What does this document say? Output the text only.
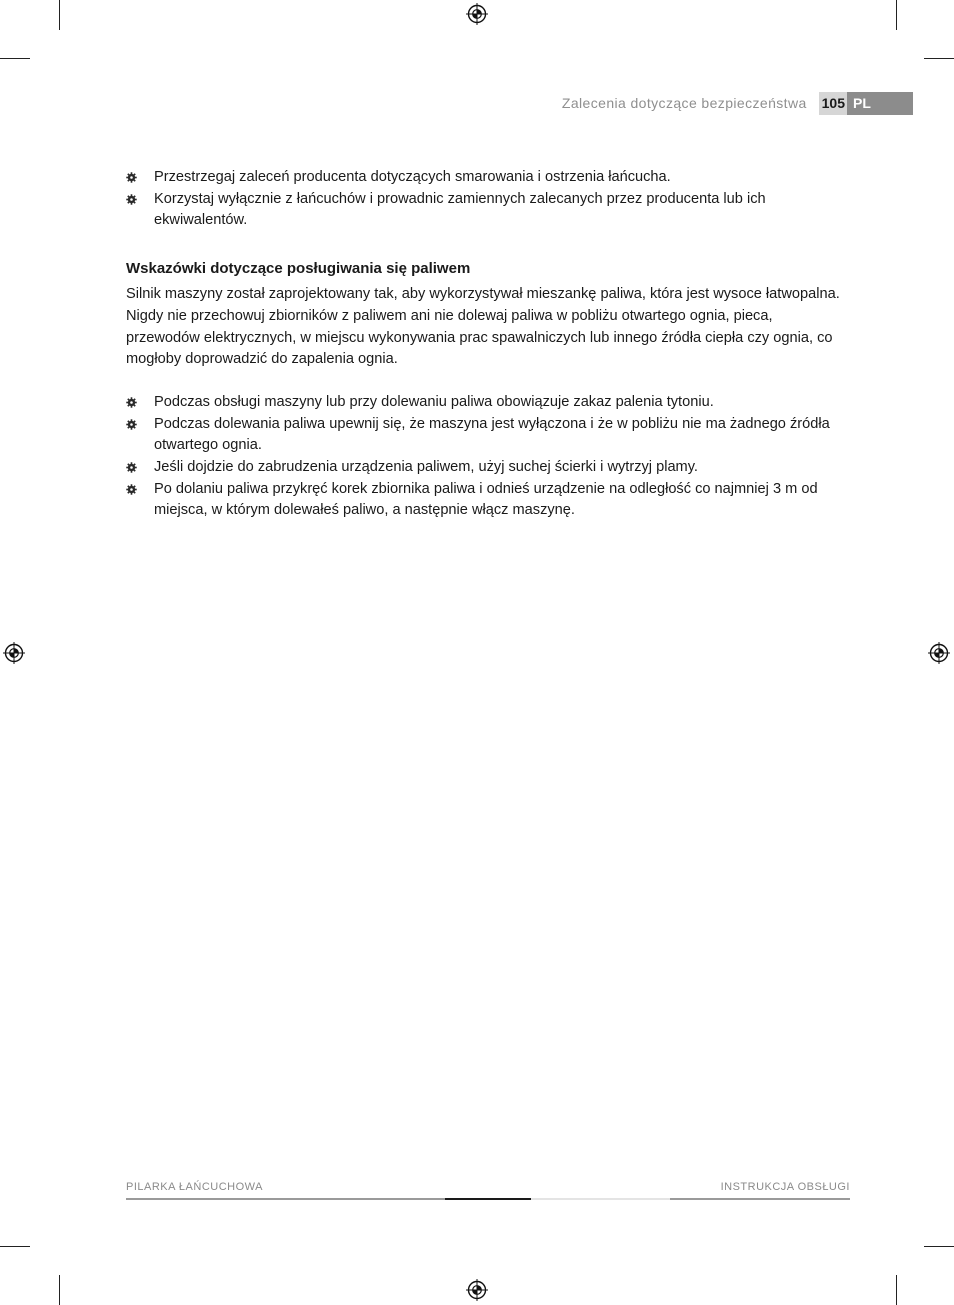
Zalecenia dotyczące bezpieczeństwa	105 PL
Przestrzegaj zaleceń producenta dotyczących smarowania i ostrzenia łańcucha.
Korzystaj wyłącznie z łańcuchów i prowadnic zamiennych zalecanych przez producenta lub ich ekwiwalentów.
Wskazówki dotyczące posługiwania się paliwem

Silnik maszyny został zaprojektowany tak, aby wykorzystywał mieszankę paliwa, która jest wysoce łatwopalna. Nigdy nie przechowuj zbiorników z paliwem ani nie dolewaj paliwa w pobliżu otwartego ognia, pieca, przewodów elektrycznych, w miejscu wykonywania prac spawalniczych lub innego źródła ciepła czy ognia, co mogłoby doprowadzić do zapalenia ognia.

Podczas obsługi maszyny lub przy dolewaniu paliwa obowiązuje zakaz palenia tytoniu.
Podczas dolewania paliwa upewnij się, że maszyna jest wyłączona i że w pobliżu nie ma żadnego źródła otwartego ognia.
Jeśli dojdzie do zabrudzenia urządzenia paliwem, użyj suchej ścierki i wytrzyj plamy.
Po dolaniu paliwa przykręć korek zbiornika paliwa i odnieś urządzenie na odległość co najmniej 3 m od miejsca, w którym dolewałeś paliwo, a następnie włącz maszynę.
PILARKA ŁAŃCUCHOWA	INSTRUKCJA OBSŁUGI
